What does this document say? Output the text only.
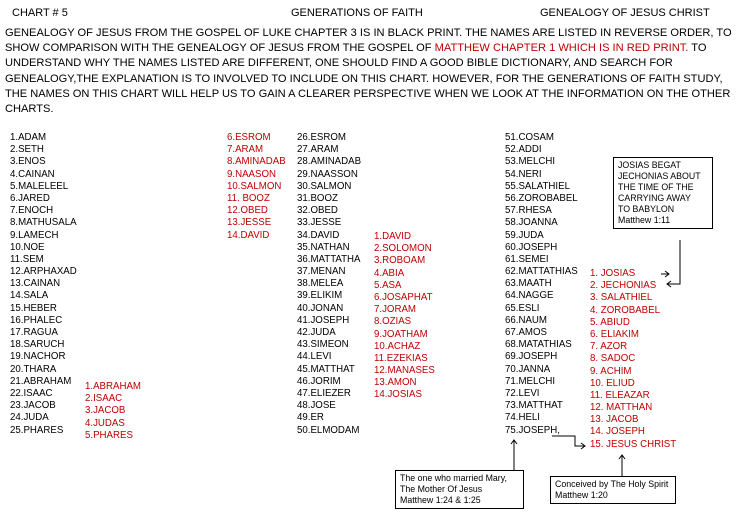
CHART # 5	GENERATIONS OF FAITH	GENEALOGY OF JESUS CHRIST
GENEALOGY OF JESUS FROM THE GOSPEL OF LUKE CHAPTER 3 IS IN BLACK PRINT. THE NAMES ARE LISTED IN REVERSE ORDER, TO SHOW COMPARISON WITH THE GENEALOGY OF JESUS FROM THE GOSPEL OF MATTHEW CHAPTER 1 WHICH IS IN RED PRINT. TO UNDERSTAND WHY THE NAMES LISTED ARE DIFFERENT, ONE SHOULD FIND A GOOD BIBLE DICTIONARY, AND SEARCH FOR GENEALOGY,THE EXPLANATION IS TO INVOLVED TO INCLUDE ON THIS CHART. HOWEVER, FOR THE GENERATIONS OF FAITH STUDY, THE NAMES ON THIS CHART WILL HELP US TO GAIN A CLEARER PERSPECTIVE WHEN WE LOOK AT THE INFORMATION ON THE OTHER CHARTS.
1.ADAM
2.SETH
3.ENOS
4.CAINAN
5.MALELEEL
6.JARED
7.ENOCH
8.MATHUSALA
9.LAMECH
10.NOE
11.SEM
12.ARPHAXAD
13.CAINAN
14.SALA
15.HEBER
16.PHALEC
17.RAGUA
18.SARUCH
19.NACHOR
20.THARA
21.ABRAHAM
22.ISAAC
23.JACOB
24.JUDA
25.PHARES
1.ABRAHAM
2.ISAAC
3.JACOB
4.JUDAS
5.PHARES
6.ESROM
7.ARAM
8.AMINADAB
9.NAASON
10.SALMON
11. BOOZ
12.OBED
13.JESSE
14.DAVID
26.ESROM
27.ARAM
28.AMINADAB
29.NAASSON
30.SALMON
31.BOOZ
32.OBED
33.JESSE
34.DAVID
35.NATHAN
36.MATTATHA
37.MENAN
38.MELEA
39.ELIKIM
40.JONAN
41.JOSEPH
42.JUDA
43.SIMEON
44.LEVI
45.MATTHAT
46.JORIM
47.ELIEZER
48.JOSE
49.ER
50.ELMODAM
1.DAVID
2.SOLOMON
3.ROBOAM
4.ABIA
5.ASA
6.JOSAPHAT
7.JORAM
8.OZIAS
9.JOATHAM
10.ACHAZ
11.EZEKIAS
12.MANASES
13.AMON
14.JOSIAS
51.COSAM
52.ADDI
53.MELCHI
54.NERI
55.SALATHIEL
56.ZOROBABEL
57.RHESA
58.JOANNA
59.JUDA
60.JOSEPH
61.SEMEI
62.MATTATHIAS
63.MAATH
64.NAGGE
65.ESLI
66.NAUM
67.AMOS
68.MATATHIAS
69.JOSEPH
70.JANNA
71.MELCHI
72.LEVI
73.MATTHAT
74.HELI
75.JOSEPH,
1. JOSIAS
2. JECHONIAS
3. SALATHIEL
4. ZOROBABEL
5. ABIUD
6. ELIAKIM
7. AZOR
8. SADOC
9. ACHIM
10. ELIUD
11. ELEAZAR
12. MATTHAN
13. JACOB
14. JOSEPH
15. JESUS CHRIST
JOSIAS BEGAT
JECHONIAS ABOUT
THE TIME OF THE
CARRYING AWAY
TO BABYLON
Matthew 1:11
The one who married Mary,
The Mother Of Jesus
Matthew 1:24 & 1:25
Conceived by The Holy Spirit
Matthew 1:20
